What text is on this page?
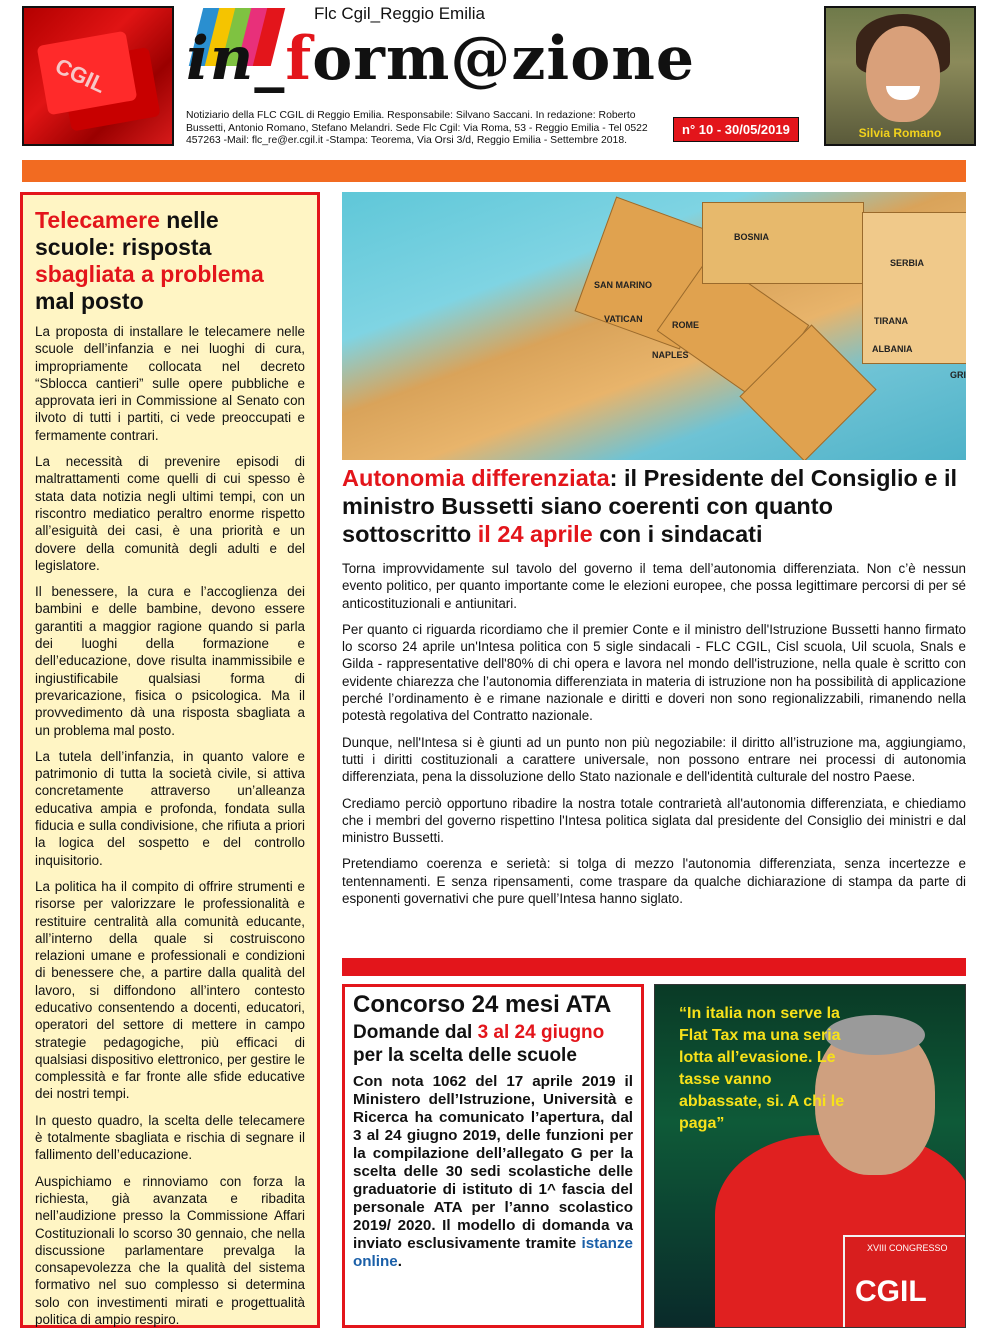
CGIL
Flc Cgil_Reggio Emilia
in_form@zione
Notiziario della FLC CGIL di Reggio Emilia. Responsabile: Silvano Saccani. In redazione: Roberto Bussetti, Antonio Romano, Stefano Melandri. Sede Flc Cgil: Via Roma, 53 - Reggio Emilia - Tel 0522 457263 -Mail: flc_re@er.cgil.it -Stampa: Teorema, Via Orsi 3/d, Reggio Emilia - Settembre 2018.
n° 10 - 30/05/2019	Silvia Romano
Telecamere nelle scuole: risposta sbagliata a problema mal posto

La proposta di installare le telecamere nelle scuole dell’infanzia e nei luoghi di cura, impropriamente collocata nel decreto “Sblocca cantieri” sulle opere pubbliche e approvata ieri in Commissione al Senato con ilvoto di tutti i partiti, ci vede preoccupati e fermamente contrari.

La necessità di prevenire episodi di maltrattamenti come quelli di cui spesso è stata data notizia negli ultimi tempi, con un riscontro mediatico peraltro enorme rispetto all’esiguità dei casi, è una priorità e un dovere della comunità degli adulti e del legislatore.

Il benessere, la cura e l’accoglienza dei bambini e delle bambine, devono essere garantiti a maggior ragione quando si parla dei luoghi della formazione e dell’educazione, dove risulta inammissibile e ingiustificabile qualsiasi forma di prevaricazione, fisica o psicologica. Ma il provvedimento dà una risposta sbagliata a un problema mal posto.

La tutela dell’infanzia, in quanto valore e patrimonio di tutta la società civile, si attiva concretamente attraverso un’alleanza educativa ampia e profonda, fondata sulla fiducia e sulla condivisione, che rifiuta a priori la logica del sospetto e del controllo inquisitorio.

La politica ha il compito di offrire strumenti e risorse per valorizzare le professionalità e restituire centralità alla comunità educante, all’interno della quale si costruiscono relazioni umane e professionali e condizioni di benessere che, a partire dalla qualità del lavoro, si diffondono all’intero contesto educativo consentendo a docenti, educatori, operatori del settore di mettere in campo strategie pedagogiche, più efficaci di qualsiasi dispositivo elettronico, per gestire le complessità e far fronte alle sfide educative dei nostri tempi.

In questo quadro, la scelta delle telecamere è totalmente sbagliata e rischia di segnare il fallimento dell’educazione.

Auspichiamo e rinnoviamo con forza la richiesta, già avanzata e ribadita nell’audizione presso la Commissione Affari Costituzionali lo scorso 30 gennaio, che nella discussione parlamentare prevalga la consapevolezza che la qualità del sistema formativo nel suo complesso si determina solo con investimenti mirati e progettualità politica di ampio respiro.

BOSNIA
SAN MARINO
VATICAN
ROME
NAPLES
TIRANA
ALBANIA
SERBIA
GRI
Autonomia differenziata: il Presidente del Consiglio e il ministro Bussetti siano coerenti con quanto sottoscritto il 24 aprile con i sindacati

Torna improvvidamente sul tavolo del governo il tema dell’autonomia differenziata. Non c’è nessun evento politico, per quanto importante come le elezioni europee, che possa legittimare percorsi di per sé anticostituzionali e antiunitari.

Per quanto ci riguarda ricordiamo che il premier Conte e il ministro dell'Istruzione Bussetti hanno firmato lo scorso 24 aprile un'Intesa politica con 5 sigle sindacali - FLC CGIL, Cisl scuola, Uil scuola, Snals e Gilda - rappresentative dell'80% di chi opera e lavora nel mondo dell'istruzione, nella quale è scritto con evidente chiarezza che l’autonomia differenziata in materia di istruzione non ha possibilità di applicazione perché l’ordinamento è e rimane nazionale e diritti e doveri non sono regionalizzabili, rimanendo nella potestà regolativa del Contratto nazionale.

Dunque, nell'Intesa si è giunti ad un punto non più negoziabile: il diritto all’istruzione ma, aggiungiamo, tutti i diritti costituzionali a carattere universale, non possono entrare nei processi di autonomia differenziata, pena la dissoluzione dello Stato nazionale e dell'identità culturale del nostro Paese.

Crediamo perciò opportuno ribadire la nostra totale contrarietà all'autonomia differenziata, e chiediamo che i membri del governo rispettino l'Intesa politica siglata dal presidente del Consiglio dei ministri e dal ministro Bussetti.

Pretendiamo coerenza e serietà: si tolga di mezzo l'autonomia differenziata, senza incertezze e tentennamenti. E senza ripensamenti, come traspare da qualche dichiarazione di stampa da parte di esponenti governativi che pure quell’Intesa hanno siglato.

Concorso 24 mesi ATA
Domande dal 3 al 24 giugno per la scelta delle scuole

Con nota 1062 del 17 aprile 2019 il Ministero dell’Istruzione, Università e Ricerca ha comunicato l’apertura, dal 3 al 24 giugno 2019, delle funzioni per la compilazione dell’allegato G per la scelta delle 30 sedi scolastiche delle graduatorie di istituto di 1^ fascia del personale ATA per l’anno scolastico 2019/ 2020. Il modello di domanda va inviato esclusivamente tramite istanze online.

XVIII CONGRESSO
CGIL
“In italia non serve la Flat Tax ma una seria lotta all’evasione. Le tasse vanno abbassate, si. A chi le paga”
